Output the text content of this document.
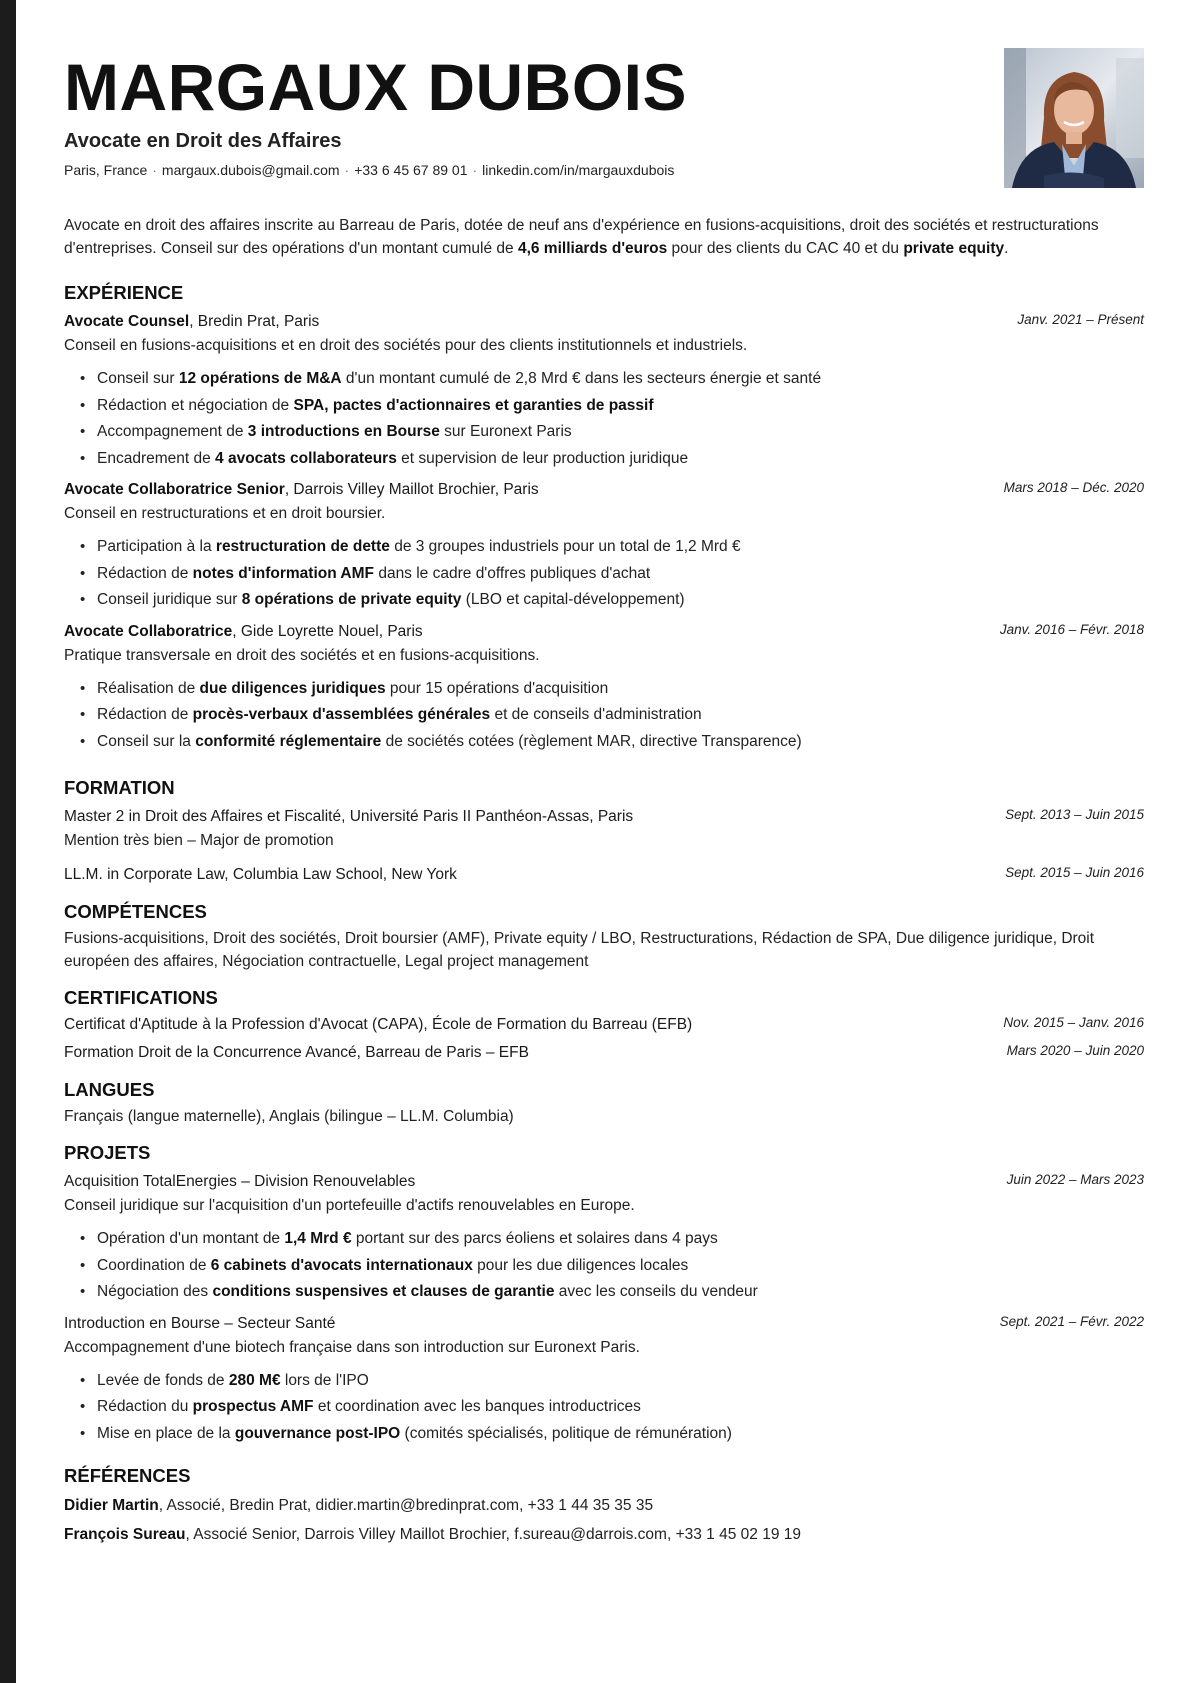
MARGAUX DUBOIS
Avocate en Droit des Affaires
Paris, France · margaux.dubois@gmail.com · +33 6 45 67 89 01 · linkedin.com/in/margauxdubois
Avocate en droit des affaires inscrite au Barreau de Paris, dotée de neuf ans d'expérience en fusions-acquisitions, droit des sociétés et restructurations d'entreprises. Conseil sur des opérations d'un montant cumulé de 4,6 milliards d'euros pour des clients du CAC 40 et du private equity.
EXPÉRIENCE
Avocate Counsel, Bredin Prat, Paris	Janv. 2021 – Présent
Conseil en fusions-acquisitions et en droit des sociétés pour des clients institutionnels et industriels.
• Conseil sur 12 opérations de M&A d'un montant cumulé de 2,8 Mrd € dans les secteurs énergie et santé
• Rédaction et négociation de SPA, pactes d'actionnaires et garanties de passif
• Accompagnement de 3 introductions en Bourse sur Euronext Paris
• Encadrement de 4 avocats collaborateurs et supervision de leur production juridique
Avocate Collaboratrice Senior, Darrois Villey Maillot Brochier, Paris	Mars 2018 – Déc. 2020
Conseil en restructurations et en droit boursier.
• Participation à la restructuration de dette de 3 groupes industriels pour un total de 1,2 Mrd €
• Rédaction de notes d'information AMF dans le cadre d'offres publiques d'achat
• Conseil juridique sur 8 opérations de private equity (LBO et capital-développement)
Avocate Collaboratrice, Gide Loyrette Nouel, Paris	Janv. 2016 – Févr. 2018
Pratique transversale en droit des sociétés et en fusions-acquisitions.
• Réalisation de due diligences juridiques pour 15 opérations d'acquisition
• Rédaction de procès-verbaux d'assemblées générales et de conseils d'administration
• Conseil sur la conformité réglementaire de sociétés cotées (règlement MAR, directive Transparence)
FORMATION
Master 2 in Droit des Affaires et Fiscalité, Université Paris II Panthéon-Assas, Paris	Sept. 2013 – Juin 2015
Mention très bien – Major de promotion
LL.M. in Corporate Law, Columbia Law School, New York	Sept. 2015 – Juin 2016
COMPÉTENCES
Fusions-acquisitions, Droit des sociétés, Droit boursier (AMF), Private equity / LBO, Restructurations, Rédaction de SPA, Due diligence juridique, Droit européen des affaires, Négociation contractuelle, Legal project management
CERTIFICATIONS
Certificat d'Aptitude à la Profession d'Avocat (CAPA), École de Formation du Barreau (EFB)	Nov. 2015 – Janv. 2016
Formation Droit de la Concurrence Avancé, Barreau de Paris – EFB	Mars 2020 – Juin 2020
LANGUES
Français (langue maternelle), Anglais (bilingue – LL.M. Columbia)
PROJETS
Acquisition TotalEnergies – Division Renouvelables	Juin 2022 – Mars 2023
Conseil juridique sur l'acquisition d'un portefeuille d'actifs renouvelables en Europe.
• Opération d'un montant de 1,4 Mrd € portant sur des parcs éoliens et solaires dans 4 pays
• Coordination de 6 cabinets d'avocats internationaux pour les due diligences locales
• Négociation des conditions suspensives et clauses de garantie avec les conseils du vendeur
Introduction en Bourse – Secteur Santé	Sept. 2021 – Févr. 2022
Accompagnement d'une biotech française dans son introduction sur Euronext Paris.
• Levée de fonds de 280 M€ lors de l'IPO
• Rédaction du prospectus AMF et coordination avec les banques introductrices
• Mise en place de la gouvernance post-IPO (comités spécialisés, politique de rémunération)
RÉFÉRENCES
Didier Martin, Associé, Bredin Prat, didier.martin@bredinprat.com, +33 1 44 35 35 35
François Sureau, Associé Senior, Darrois Villey Maillot Brochier, f.sureau@darrois.com, +33 1 45 02 19 19
